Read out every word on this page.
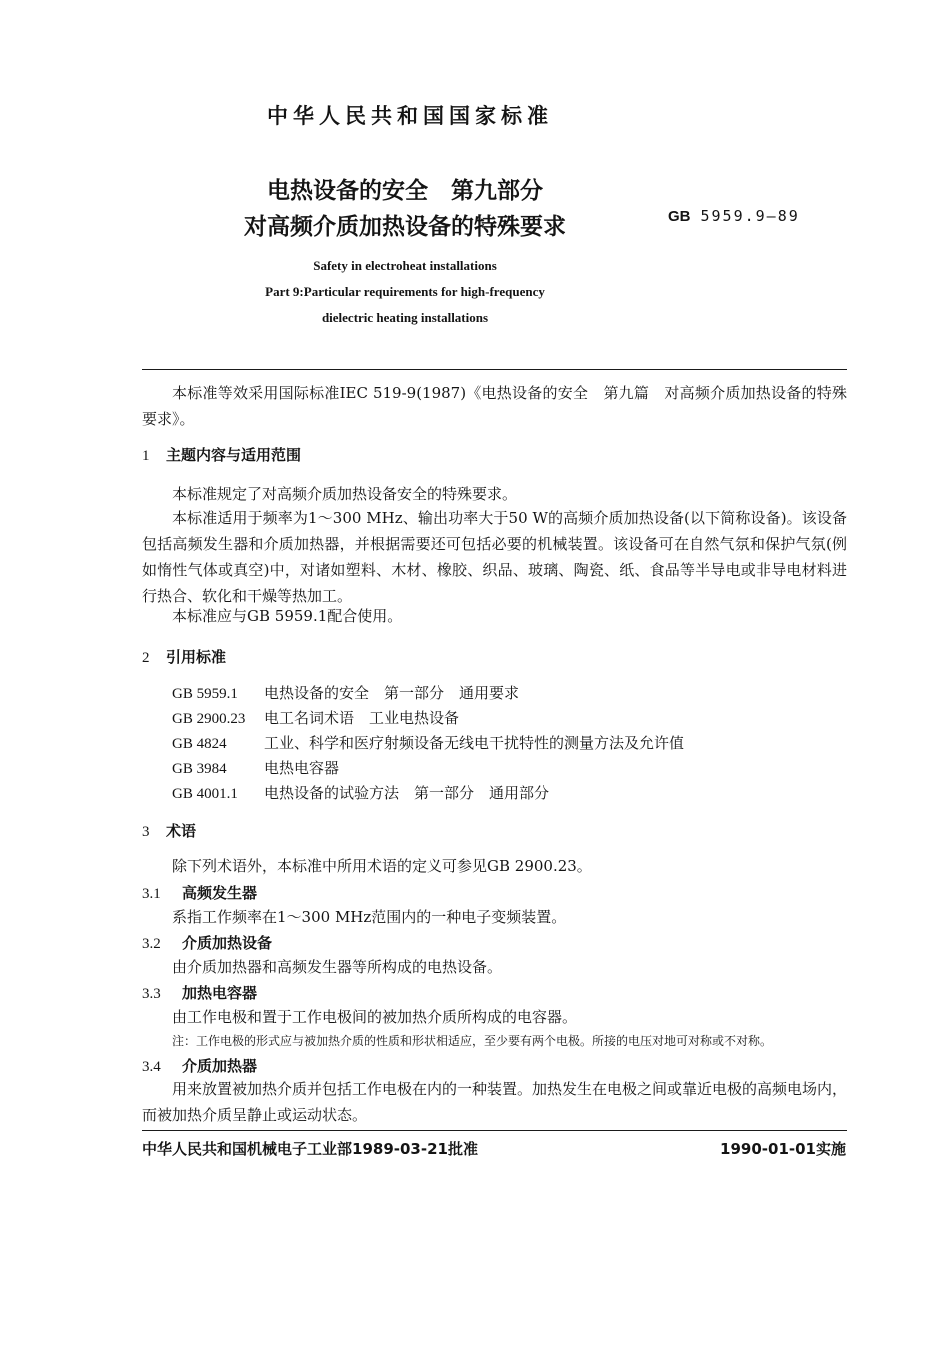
中华人民共和国国家标准
电热设备的安全　第九部分
对高频介质加热设备的特殊要求	GB 5959.9—89
Safety in electroheat installations
Part 9:Particular requirements for high-frequency
dielectric heating installations
本标准等效采用国际标准IEC 519-9(1987)《电热设备的安全　第九篇　对高频介质加热设备的特殊要求》。
1 主题内容与适用范围
本标准规定了对高频介质加热设备安全的特殊要求。
本标准适用于频率为1～300 MHz、输出功率大于50 W的高频介质加热设备(以下简称设备)。该设备包括高频发生器和介质加热器，并根据需要还可包括必要的机械装置。该设备可在自然气氛和保护气氛(例如惰性气体或真空)中，对诸如塑料、木材、橡胶、织品、玻璃、陶瓷、纸、食品等半导电或非导电材料进行热合、软化和干燥等热加工。
本标准应与GB 5959.1配合使用。
2 引用标准
GB 5959.1 电热设备的安全　第一部分　通用要求
GB 2900.23 电工名词术语　工业电热设备
GB 4824 工业、科学和医疗射频设备无线电干扰特性的测量方法及允许值
GB 3984 电热电容器
GB 4001.1 电热设备的试验方法　第一部分　通用部分
3 术语
除下列术语外，本标准中所用术语的定义可参见GB 2900.23。
3.1 高频发生器
系指工作频率在1～300 MHz范围内的一种电子变频装置。
3.2 介质加热设备
由介质加热器和高频发生器等所构成的电热设备。
3.3 加热电容器
由工作电极和置于工作电极间的被加热介质所构成的电容器。
注：工作电极的形式应与被加热介质的性质和形状相适应，至少要有两个电极。所接的电压对地可对称或不对称。
3.4 介质加热器
用来放置被加热介质并包括工作电极在内的一种装置。加热发生在电极之间或靠近电极的高频电场内，而被加热介质呈静止或运动状态。
中华人民共和国机械电子工业部1989-03-21批准	1990-01-01实施
